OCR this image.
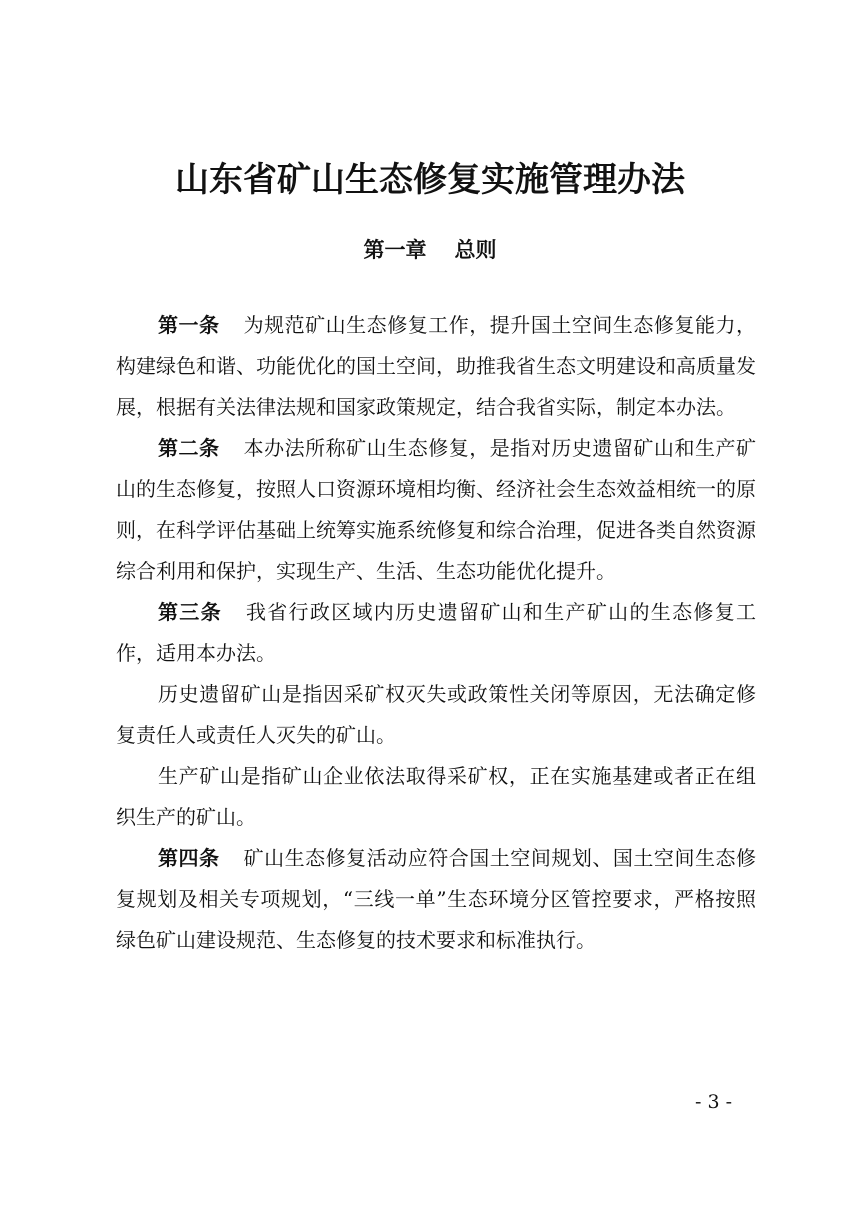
山东省矿山生态修复实施管理办法
第一章 总则

第一条 为规范矿山生态修复工作，提升国土空间生态修复能力，构建绿色和谐、功能优化的国土空间，助推我省生态文明建设和高质量发展，根据有关法律法规和国家政策规定，结合我省实际，制定本办法。

第二条 本办法所称矿山生态修复，是指对历史遗留矿山和生产矿山的生态修复，按照人口资源环境相均衡、经济社会生态效益相统一的原则，在科学评估基础上统筹实施系统修复和综合治理，促进各类自然资源综合利用和保护，实现生产、生活、生态功能优化提升。

第三条 我省行政区域内历史遗留矿山和生产矿山的生态修复工作，适用本办法。

历史遗留矿山是指因采矿权灭失或政策性关闭等原因，无法确定修复责任人或责任人灭失的矿山。

生产矿山是指矿山企业依法取得采矿权，正在实施基建或者正在组织生产的矿山。

第四条 矿山生态修复活动应符合国土空间规划、国土空间生态修复规划及相关专项规划，“三线一单”生态环境分区管控要求，严格按照绿色矿山建设规范、生态修复的技术要求和标准执行。

- 3 -
